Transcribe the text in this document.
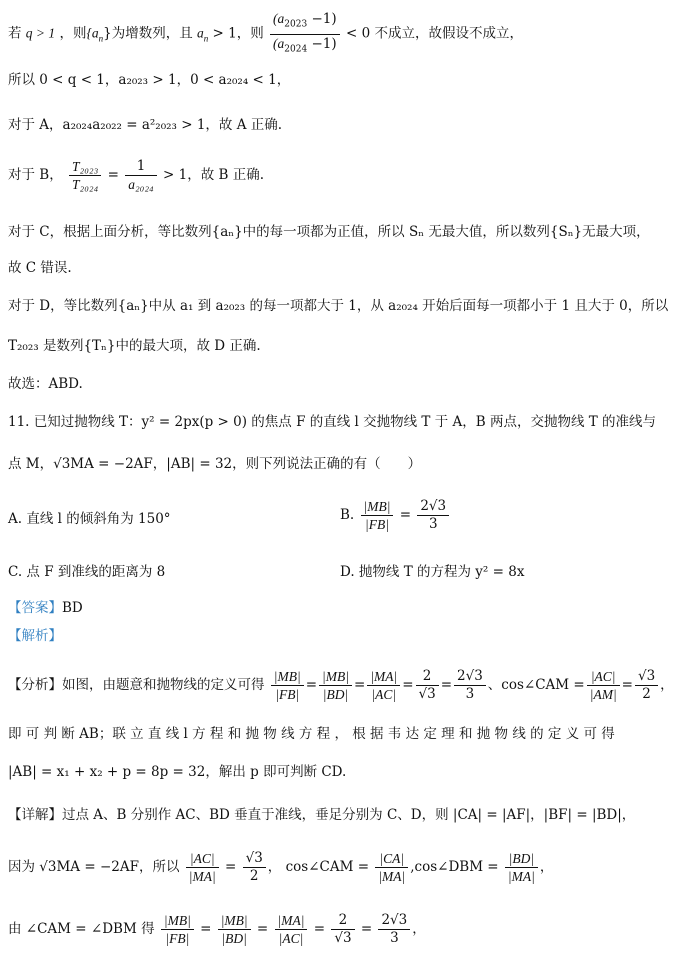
若 q > 1 ，则$\{a_n\}$为增数列，且 $a_n > 1$，则 $\frac{(a_{2023} -1)}{(a_{2024} -1)} < 0$ 不成立，故假设不成立，
所以 0 < q < 1，a₂₀₂₃ > 1，0 < a₂₀₂₄ < 1，
对于 A，a₂₀₂₄a₂₀₂₂ = a²₂₀₂₃ > 1，故 A 正确.
对于 B， $\frac{\text{T₂₀₂₃}}{\text{T₂₀₂₄}} = \frac{1}{\text{a₂₀₂₄}} > 1$，故 B 正确.
对于 C，根据上面分析，等比数列{aₙ}中的每一项都为正值，所以 Sₙ 无最大值，所以数列{Sₙ}无最大项，
故 C 错误.
对于 D，等比数列{aₙ}中从 a₁ 到 a₂₀₂₃ 的每一项都大于 1，从 a₂₀₂₄ 开始后面每一项都小于 1 且大于 0，所以
T₂₀₂₃ 是数列{Tₙ}中的最大项，故 D 正确.
故选：ABD.
11. 已知过抛物线 T：y² = 2px(p > 0) 的焦点 F 的直线 l 交抛物线 T 于 A，B 两点，交抛物线 T 的准线与
点 M，√3MA = −2AF，|AB| = 32，则下列说法正确的有（　　）
A. 直线 l 的倾斜角为 150°	B. $\frac{|MB|}{|FB|} = \frac{2√3}{3}$
C. 点 F 到准线的距离为 8	D. 抛物线 T 的方程为 y² = 8x
【答案】BD
【解析】
【分析】如图，由题意和抛物线的定义可得 $\frac{|MB|}{|FB|} = \frac{|MB|}{|BD|} = \frac{|MA|}{|AC|} = \frac{2}{√3} = \frac{2√3}{3}$ 、cos∠CAM = $\frac{|AC|}{|AM|} = \frac{√3}{2}$ ，
即 可 判 断 AB；联 立 直 线 l 方 程 和 抛 物 线 方 程 ， 根 据 韦 达 定 理 和 抛 物 线 的 定 义 可 得
|AB| = x₁ + x₂ + p = 8p = 32，解出 p 即可判断 CD.
【详解】过点 A、B 分别作 AC、BD 垂直于准线，垂足分别为 C、D，则 |CA| = |AF|，|BF| = |BD|，
因为 √3MA = −2AF，所以 $\frac{|AC|}{|MA|} = \frac{√3}{2}$ ， cos∠CAM = $\frac{|CA|}{|MA|}$ ,cos∠DBM = $\frac{|BD|}{|MA|}$ ，
由 ∠CAM = ∠DBM 得 $\frac{|MB|}{|FB|} = \frac{|MB|}{|BD|} = \frac{|MA|}{|AC|} = \frac{2}{√3} = \frac{2√3}{3}$ ，
